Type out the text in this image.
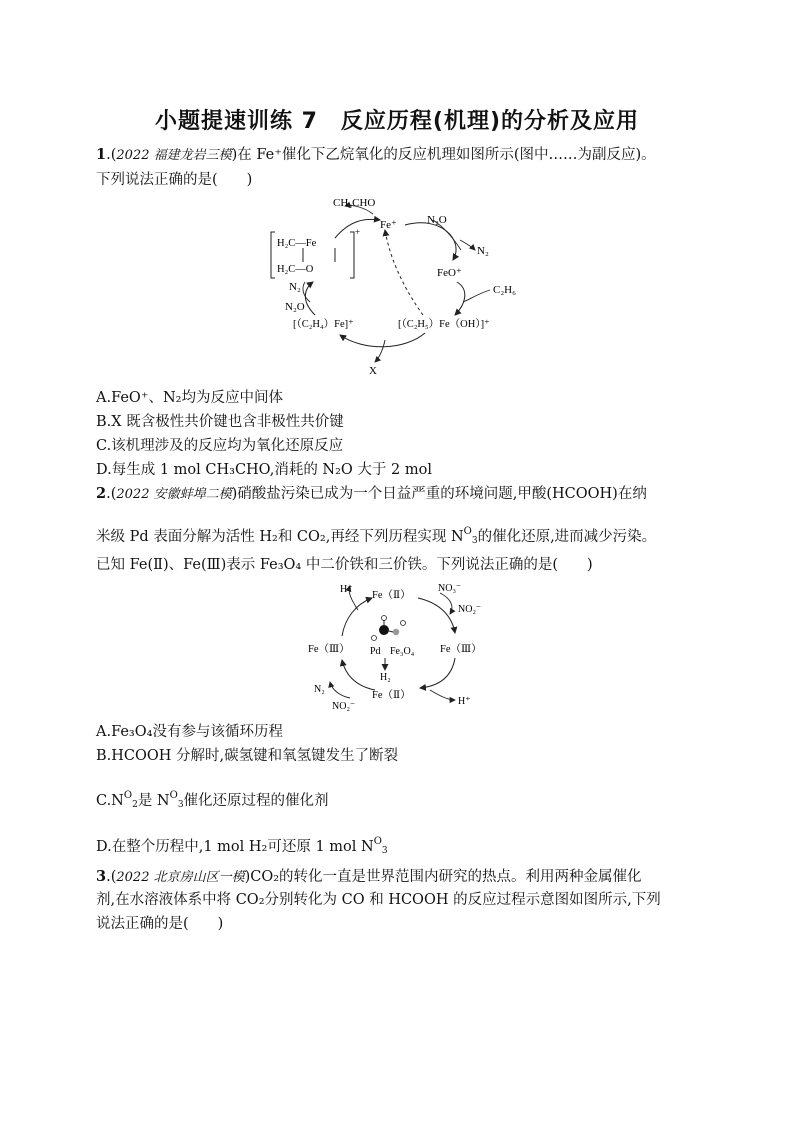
小题提速训练 7　反应历程(机理)的分析及应用
1.(2022 福建龙岩三模)在 Fe⁺催化下乙烷氧化的反应机理如图所示(图中……为副反应)。
下列说法正确的是(　　)
CH₃CHO
Fe⁺	N₂O
N₂
FeO⁺
C₂H₆
H₂C—Fe
H₂C—O
+
N₂
N₂O
[（C₂H₄）Fe]⁺	[（C₂H₅）Fe（OH）]⁺
X
A.FeO⁺、N₂均为反应中间体
B.X 既含极性共价键也含非极性共价键
C.该机理涉及的反应均为氧化还原反应
D.每生成 1 mol CH₃CHO,消耗的 N₂O 大于 2 mol
2.(2022 安徽蚌埠二模)硝酸盐污染已成为一个日益严重的环境问题,甲酸(HCOOH)在纳
米级 Pd 表面分解为活性 H₂和 CO₂,再经下列历程实现 $N^O3$的催化还原,进而减少污染。
已知 Fe(Ⅱ)、Fe(Ⅲ)表示 Fe₃O₄ 中二价铁和三价铁。下列说法正确的是(　　)
H⁺
Fe（Ⅱ）
NO₃⁻
NO₂⁻
Fe（Ⅲ）	Fe（Ⅲ）
Pd Fe₃O₄
H₂
Fe（Ⅱ）
N₂
NO₂⁻	H⁺
A.Fe₃O₄没有参与该循环历程
B.HCOOH 分解时,碳氢键和氧氢键发生了断裂
$C.N^O2$是 $N^O3$催化还原过程的催化剂
D.在整个历程中,1 mol H₂可还原 1 mol $N^O3$
3.(2022 北京房山区一模)CO₂的转化一直是世界范围内研究的热点。利用两种金属催化
剂,在水溶液体系中将 CO₂分别转化为 CO 和 HCOOH 的反应过程示意图如图所示,下列
说法正确的是(　　)
